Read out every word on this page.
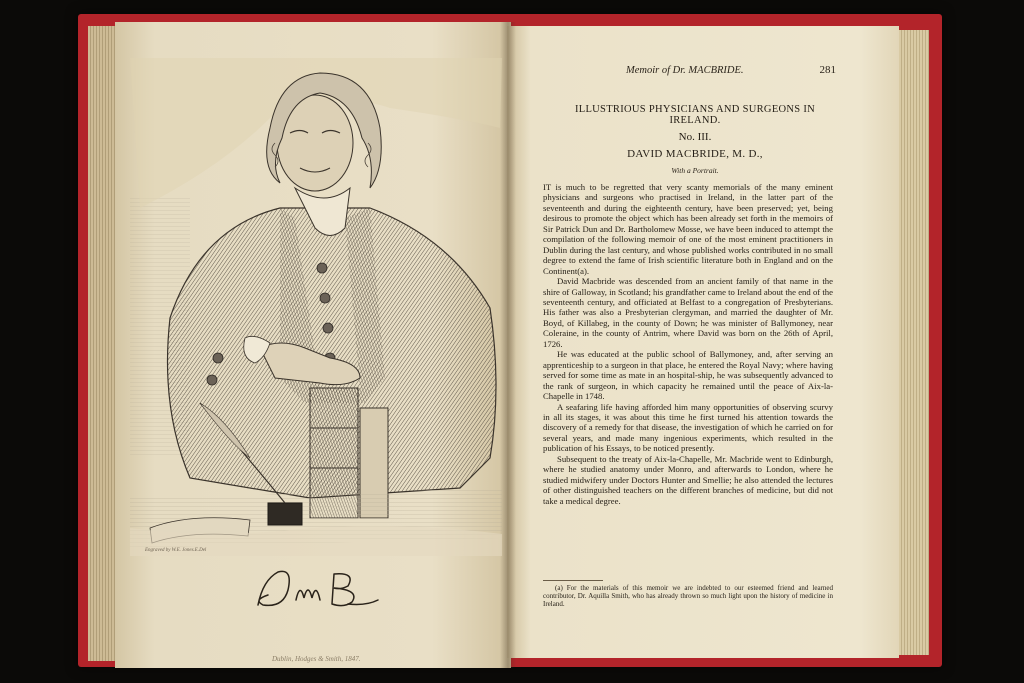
Engraved by W.E. Jones.E.Del
Dublin, Hodges & Smith, 1847.
Memoir of Dr. MACBRIDE.	281
ILLUSTRIOUS PHYSICIANS AND SURGEONS IN
IRELAND.
No. III.
DAVID MACBRIDE, M. D.,
With a Portrait.

IT is much to be regretted that very scanty memorials of the many eminent physicians and surgeons who practised in Ireland, in the latter part of the seventeenth and during the eighteenth century, have been preserved; yet, being desirous to promote the object which has been already set forth in the memoirs of Sir Patrick Dun and Dr. Bartholomew Mosse, we have been induced to attempt the compilation of the following memoir of one of the most eminent practitioners in Dublin during the last century, and whose published works contributed in no small degree to extend the fame of Irish scientific literature both in England and on the Continent(a).

David Macbride was descended from an ancient family of that name in the shire of Galloway, in Scotland; his grandfather came to Ireland about the end of the seventeenth century, and officiated at Belfast to a congregation of Presbyterians. His father was also a Presbyterian clergyman, and married the daughter of Mr. Boyd, of Killabeg, in the county of Down; he was minister of Ballymoney, near Coleraine, in the county of Antrim, where David was born on the 26th of April, 1726.

He was educated at the public school of Ballymoney, and, after serving an apprenticeship to a surgeon in that place, he entered the Royal Navy; where having served for some time as mate in an hospital-ship, he was subsequently advanced to the rank of surgeon, in which capacity he remained until the peace of Aix-la-Chapelle in 1748.

A seafaring life having afforded him many opportunities of observing scurvy in all its stages, it was about this time he first turned his attention towards the discovery of a remedy for that disease, the investigation of which he carried on for several years, and made many ingenious experiments, which resulted in the publication of his Essays, to be noticed presently.

Subsequent to the treaty of Aix-la-Chapelle, Mr. Macbride went to Edinburgh, where he studied anatomy under Monro, and afterwards to London, where he studied midwifery under Doctors Hunter and Smellie; he also attended the lectures of other distinguished teachers on the different branches of medicine, but did not take a medical degree.

(a) For the materials of this memoir we are indebted to our esteemed friend and learned contributor, Dr. Aquilla Smith, who has already thrown so much light upon the history of medicine in Ireland.
